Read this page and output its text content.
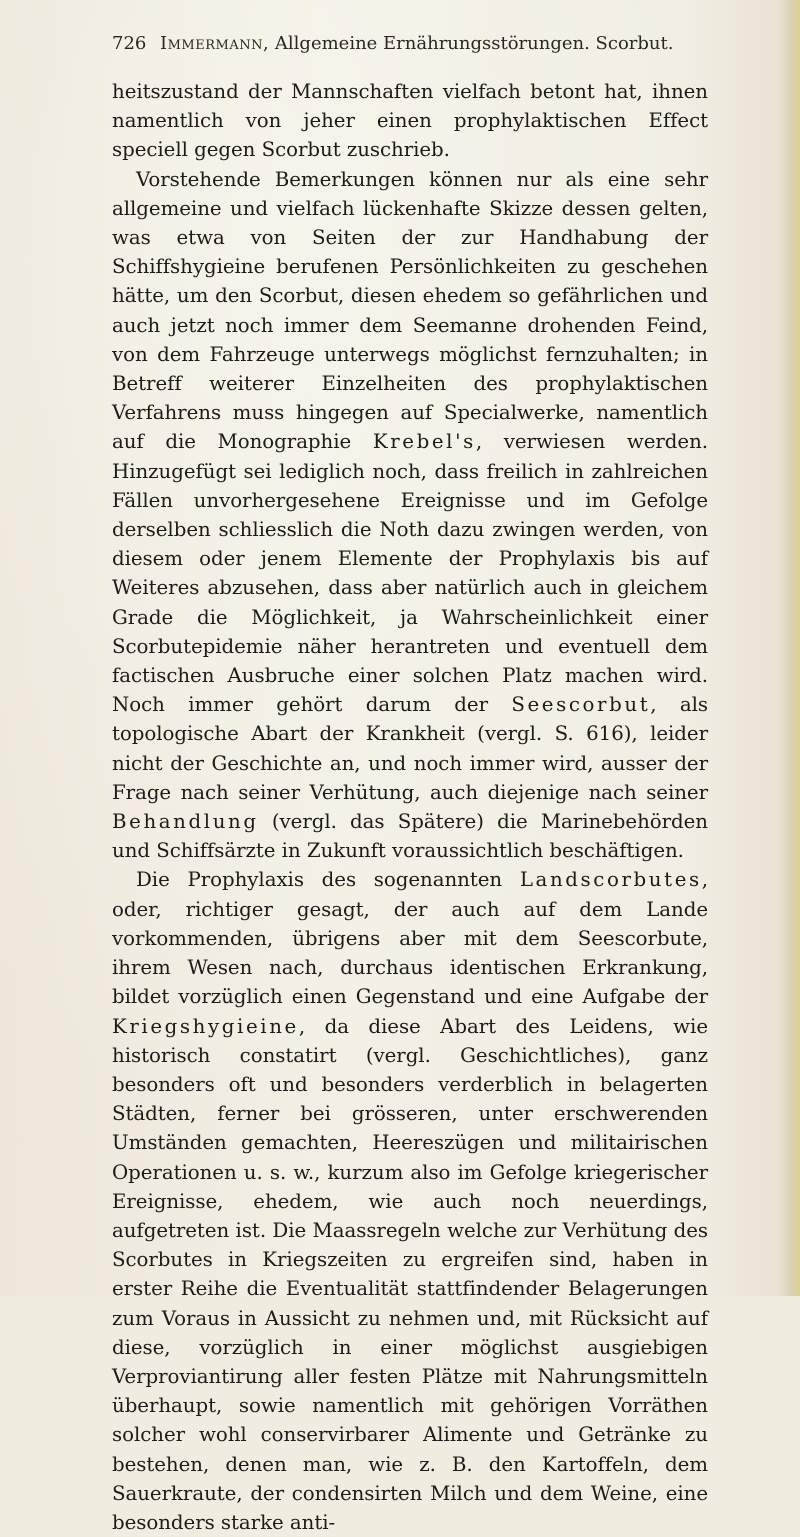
726 Immermann, Allgemeine Ernährungsstörungen. Scorbut.

heitszustand der Mannschaften vielfach betont hat, ihnen namentlich von jeher einen prophylaktischen Effect speciell gegen Scorbut zuschrieb.

Vorstehende Bemerkungen können nur als eine sehr allgemeine und vielfach lückenhafte Skizze dessen gelten, was etwa von Seiten der zur Handhabung der Schiffshygieine berufenen Persönlichkeiten zu geschehen hätte, um den Scorbut, diesen ehedem so gefährlichen und auch jetzt noch immer dem Seemanne drohenden Feind, von dem Fahrzeuge unterwegs möglichst fernzuhalten; in Betreff weiterer Einzelheiten des prophylaktischen Verfahrens muss hingegen auf Specialwerke, namentlich auf die Monographie Krebel's, verwiesen werden. Hinzugefügt sei lediglich noch, dass freilich in zahlreichen Fällen unvorhergesehene Ereignisse und im Gefolge derselben schliesslich die Noth dazu zwingen werden, von diesem oder jenem Elemente der Prophylaxis bis auf Weiteres abzusehen, dass aber natürlich auch in gleichem Grade die Möglichkeit, ja Wahrscheinlichkeit einer Scorbutepidemie näher herantreten und eventuell dem factischen Ausbruche einer solchen Platz machen wird. Noch immer gehört darum der Seescorbut, als topologische Abart der Krankheit (vergl. S. 616), leider nicht der Geschichte an, und noch immer wird, ausser der Frage nach seiner Verhütung, auch diejenige nach seiner Behandlung (vergl. das Spätere) die Marinebehörden und Schiffsärzte in Zukunft voraussichtlich beschäftigen.

Die Prophylaxis des sogenannten Landscorbutes, oder, richtiger gesagt, der auch auf dem Lande vorkommenden, übrigens aber mit dem Seescorbute, ihrem Wesen nach, durchaus identischen Erkrankung, bildet vorzüglich einen Gegenstand und eine Aufgabe der Kriegshygieine, da diese Abart des Leidens, wie historisch constatirt (vergl. Geschichtliches), ganz besonders oft und besonders verderblich in belagerten Städten, ferner bei grösseren, unter erschwerenden Umständen gemachten, Heereszügen und militairischen Operationen u. s. w., kurzum also im Gefolge kriegerischer Ereignisse, ehedem, wie auch noch neuerdings, aufgetreten ist. Die Maassregeln welche zur Verhütung des Scorbutes in Kriegszeiten zu ergreifen sind, haben in erster Reihe die Eventualität stattfindender Belagerungen zum Voraus in Aussicht zu nehmen und, mit Rücksicht auf diese, vorzüglich in einer möglichst ausgiebigen Verproviantirung aller festen Plätze mit Nahrungsmitteln überhaupt, sowie namentlich mit gehörigen Vorräthen solcher wohl conservirbarer Alimente und Getränke zu bestehen, denen man, wie z. B. den Kartoffeln, dem Sauerkraute, der condensirten Milch und dem Weine, eine besonders starke anti-
